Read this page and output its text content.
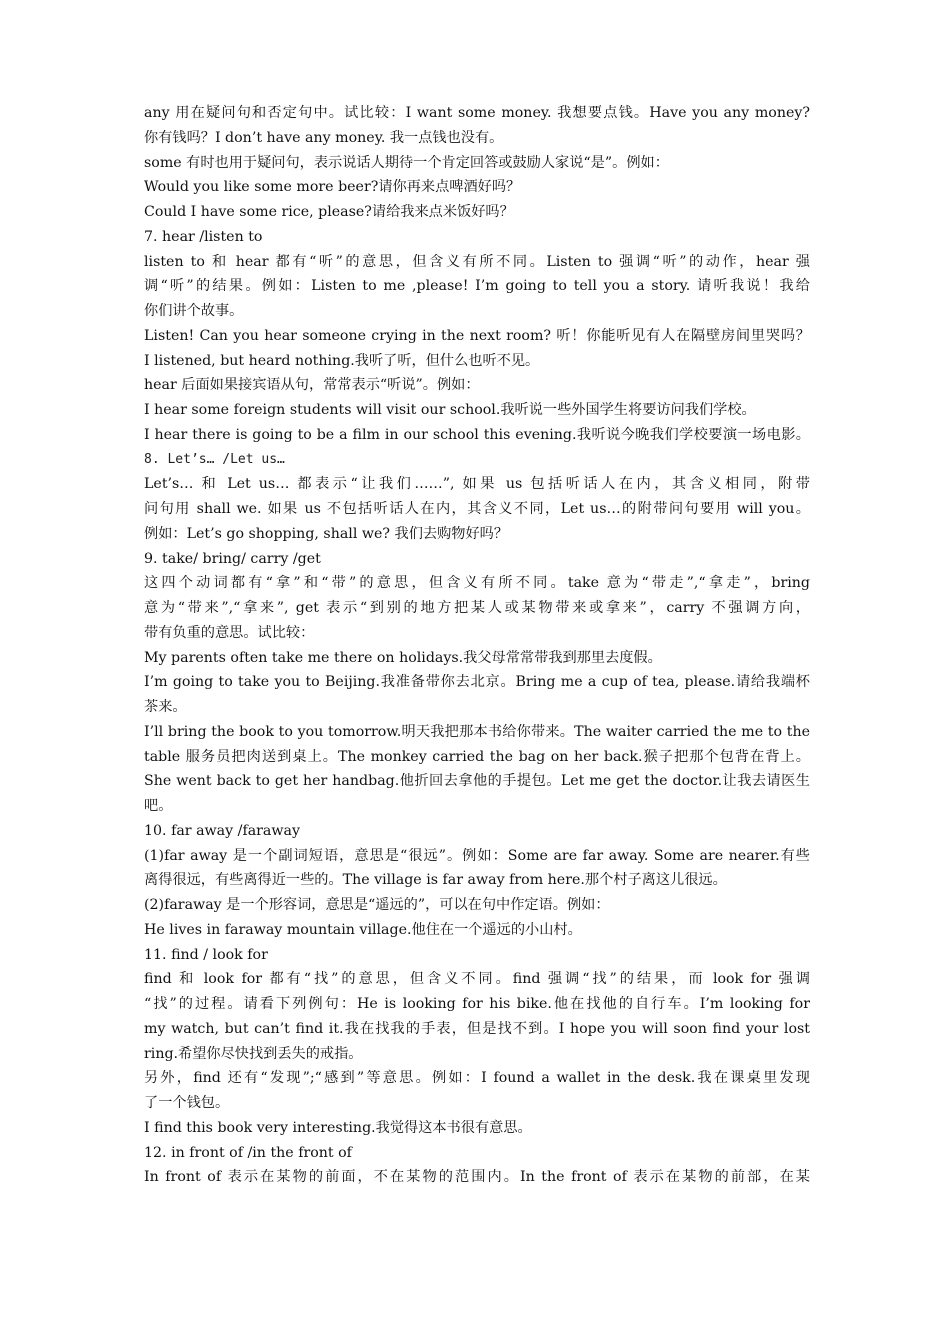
any 用在疑问句和否定句中。试比较：I want some money. 我想要点钱。Have you any money?
你有钱吗？I don’t have any money. 我一点钱也没有。
some 有时也用于疑问句，表示说话人期待一个肯定回答或鼓励人家说“是”。例如：
Would you like some more beer?请你再来点啤酒好吗？
Could I have some rice, please?请给我来点米饭好吗？
7. hear /listen to
listen to 和 hear 都有“听”的意思，但含义有所不同。Listen to 强调“听”的动作，hear 强
调“听”的结果。例如：Listen to me ,please! I’m going to tell you a story. 请听我说！我给
你们讲个故事。
Listen! Can you hear someone crying in the next room? 听！你能听见有人在隔壁房间里哭吗？
I listened, but heard nothing.我听了听，但什么也听不见。
hear 后面如果接宾语从句，常常表示“听说”。例如：
I hear some foreign students will visit our school.我听说一些外国学生将要访问我们学校。
I hear there is going to be a film in our school this evening.我听说今晚我们学校要演一场电影。
8. Let’s… /Let us…
Let’s… 和 Let us… 都表示“让我们……”, 如果 us 包括听话人在内，其含义相同，附带
问句用 shall we. 如果 us 不包括听话人在内，其含义不同，Let us…的附带问句要用 will you。
例如：Let’s go shopping, shall we? 我们去购物好吗？
9. take/ bring/ carry /get
这四个动词都有“拿”和“带”的意思，但含义有所不同。take 意为“带走”,“拿走”，bring
意为“带来”,“拿来”, get 表示“到别的地方把某人或某物带来或拿来”，carry 不强调方向，
带有负重的意思。试比较：
My parents often take me there on holidays.我父母常常带我到那里去度假。
I’m going to take you to Beijing.我准备带你去北京。Bring me a cup of tea, please.请给我端杯
茶来。
I’ll bring the book to you tomorrow.明天我把那本书给你带来。The waiter carried the me to the
table 服务员把肉送到桌上。The monkey carried the bag on her back.猴子把那个包背在背上。
She went back to get her handbag.他折回去拿他的手提包。Let me get the doctor.让我去请医生
吧。
10. far away /faraway
(1)far away 是一个副词短语，意思是“很远”。例如：Some are far away. Some are nearer.有些
离得很远，有些离得近一些的。The village is far away from here.那个村子离这儿很远。
(2)faraway 是一个形容词，意思是“遥远的”，可以在句中作定语。例如：
He lives in faraway mountain village.他住在一个遥远的小山村。
11. find / look for
find 和 look for 都有“找”的意思，但含义不同。find 强调“找”的结果，而 look for 强调
“找”的过程。请看下列例句：He is looking for his bike.他在找他的自行车。I’m looking for
my watch, but can’t find it.我在找我的手表，但是找不到。I hope you will soon find your lost
ring.希望你尽快找到丢失的戒指。
另外，find 还有“发现”;“感到”等意思。例如：I found a wallet in the desk.我在课桌里发现
了一个钱包。
I find this book very interesting.我觉得这本书很有意思。
12. in front of /in the front of
In front of 表示在某物的前面，不在某物的范围内。In the front of 表示在某物的前部，在某
